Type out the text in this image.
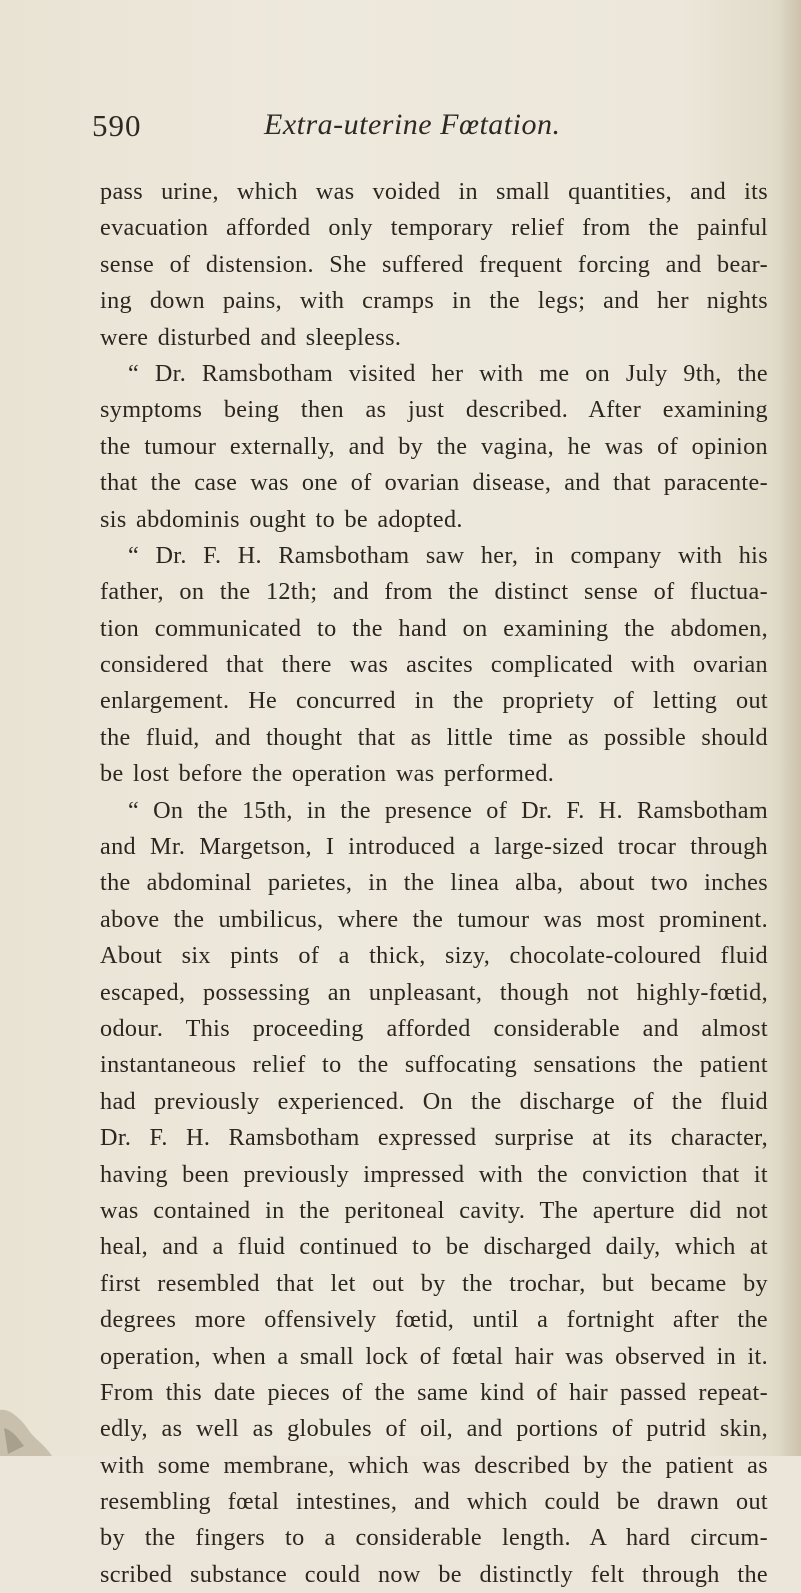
590	Extra-uterine Fœtation.
pass urine, which was voided in small quantities, and its
evacuation afforded only temporary relief from the painful
sense of distension. She suffered frequent forcing and bear-
ing down pains, with cramps in the legs; and her nights
were disturbed and sleepless.
“ Dr. Ramsbotham visited her with me on July 9th, the
symptoms being then as just described. After examining
the tumour externally, and by the vagina, he was of opinion
that the case was one of ovarian disease, and that paracente-
sis abdominis ought to be adopted.
“ Dr. F. H. Ramsbotham saw her, in company with his
father, on the 12th; and from the distinct sense of fluctua-
tion communicated to the hand on examining the abdomen,
considered that there was ascites complicated with ovarian
enlargement. He concurred in the propriety of letting out
the fluid, and thought that as little time as possible should
be lost before the operation was performed.
“ On the 15th, in the presence of Dr. F. H. Ramsbotham
and Mr. Margetson, I introduced a large-sized trocar through
the abdominal parietes, in the linea alba, about two inches
above the umbilicus, where the tumour was most prominent.
About six pints of a thick, sizy, chocolate-coloured fluid
escaped, possessing an unpleasant, though not highly-fœtid,
odour. This proceeding afforded considerable and almost
instantaneous relief to the suffocating sensations the patient
had previously experienced. On the discharge of the fluid
Dr. F. H. Ramsbotham expressed surprise at its character,
having been previously impressed with the conviction that it
was contained in the peritoneal cavity. The aperture did not
heal, and a fluid continued to be discharged daily, which at
first resembled that let out by the trochar, but became by
degrees more offensively fœtid, until a fortnight after the
operation, when a small lock of fœtal hair was observed in it.
From this date pieces of the same kind of hair passed repeat-
edly, as well as globules of oil, and portions of putrid skin,
with some membrane, which was described by the patient as
resembling fœtal intestines, and which could be drawn out
by the fingers to a considerable length. A hard circum-
scribed substance could now be distinctly felt through the
